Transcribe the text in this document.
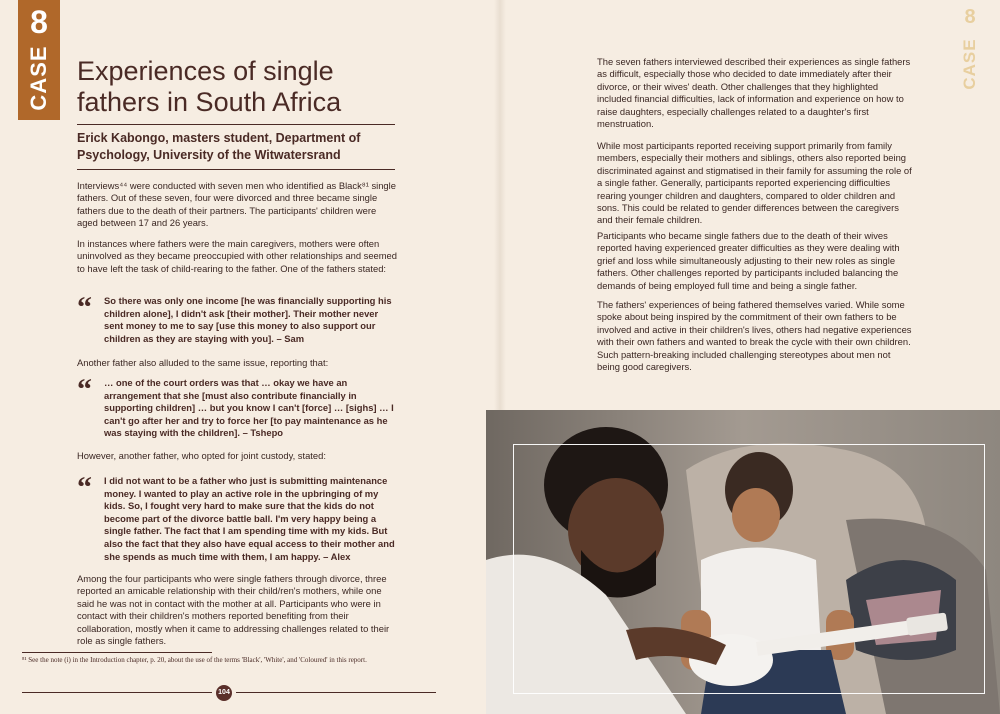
8
CASE Experiences of single fathers in South Africa
Erick Kabongo, masters student, Department of Psychology, University of the Witwatersrand
Interviews⁴⁴ were conducted with seven men who identified as Black⁸¹ single fathers. Out of these seven, four were divorced and three became single fathers due to the death of their partners. The participants' children were aged between 17 and 26 years.
In instances where fathers were the main caregivers, mothers were often uninvolved as they became preoccupied with other relationships and seemed to have left the task of child-rearing to the father. One of the fathers stated:
“ So there was only one income [he was financially supporting his children alone], I didn't ask [their mother]. Their mother never sent money to me to say [use this money to also support our children as they are staying with you]. – Sam
Another father also alluded to the same issue, reporting that:
“ … one of the court orders was that … okay we have an arrangement that she [must also contribute financially in supporting children] … but you know I can't [force] … [sighs] … I can't go after her and try to force her [to pay maintenance as he was staying with the children]. – Tshepo
However, another father, who opted for joint custody, stated:
“ I did not want to be a father who just is submitting maintenance money. I wanted to play an active role in the upbringing of my kids. So, I fought very hard to make sure that the kids do not become part of the divorce battle ball. I'm very happy being a single father. The fact that I am spending time with my kids. But also the fact that they also have equal access to their mother and she spends as much time with them, I am happy. – Alex
Among the four participants who were single fathers through divorce, three reported an amicable relationship with their child/ren's mothers, while one said he was not in contact with the mother at all. Participants who were in contact with their children's mothers reported benefiting from their collaboration, mostly when it came to addressing challenges related to their role as single fathers.
⁸¹ See the note (i) in the Introduction chapter, p. 20, about the use of the terms 'Black', 'White', and 'Coloured' in this report.
104
8
CASE
The seven fathers interviewed described their experiences as single fathers as difficult, especially those who decided to date immediately after their divorce, or their wives' death. Other challenges that they highlighted included financial difficulties, lack of information and experience on how to raise daughters, especially challenges related to a daughter's first menstruation.
While most participants reported receiving support primarily from family members, especially their mothers and siblings, others also reported being discriminated against and stigmatised in their family for assuming the role of a single father. Generally, participants reported experiencing difficulties rearing younger children and daughters, compared to older children and sons. This could be related to gender differences between the caregivers and their female children.
Participants who became single fathers due to the death of their wives reported having experienced greater difficulties as they were dealing with grief and loss while simultaneously adjusting to their new roles as single fathers. Other challenges reported by participants included balancing the demands of being employed full time and being a single father.
The fathers' experiences of being fathered themselves varied. While some spoke about being inspired by the commitment of their own fathers to be involved and active in their children's lives, others had negative experiences with their own fathers and wanted to break the cycle with their own children. Such pattern-breaking included challenging stereotypes about men not being good caregivers.
